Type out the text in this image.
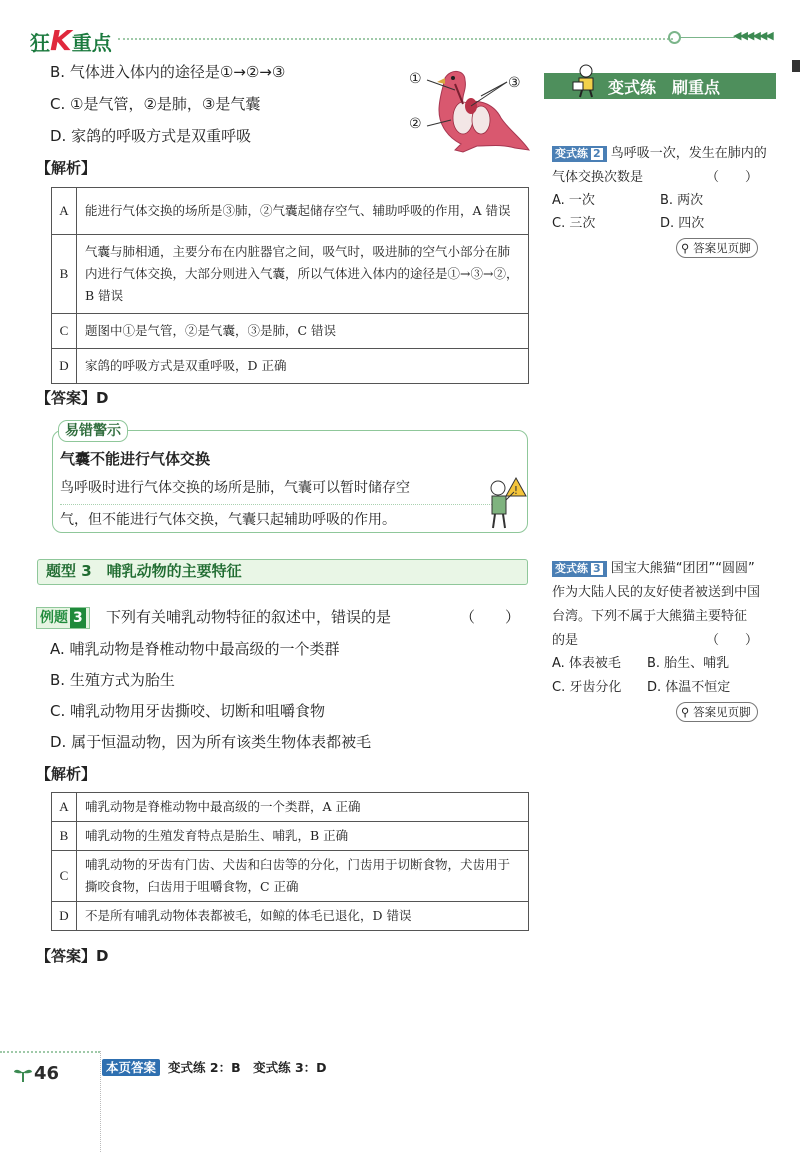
狂K重点	◀◀◀◀◀◀
B. 气体进入体内的途径是①→②→③
C. ①是气管，②是肺，③是气囊
D. 家鸽的呼吸方式是双重呼吸
①
②
③
【解析】
A	能进行气体交换的场所是③肺，②气囊起储存空气、辅助呼吸的作用，A 错误
B	气囊与肺相通，主要分布在内脏器官之间，吸气时，吸进肺的空气小部分在肺内进行气体交换，大部分则进入气囊，所以气体进入体内的途径是①→③→②，B 错误
C	题图中①是气管，②是气囊，③是肺，C 错误
D	家鸽的呼吸方式是双重呼吸，D 正确
【答案】D
易错警示
气囊不能进行气体交换
鸟呼吸时进行气体交换的场所是肺，气囊可以暂时储存空
气，但不能进行气体交换，气囊只起辅助呼吸的作用。
!
题型 3　哺乳动物的主要特征
例题 3	下列有关哺乳动物特征的叙述中，错误的是	（　　）
A. 哺乳动物是脊椎动物中最高级的一个类群
B. 生殖方式为胎生
C. 哺乳动物用牙齿撕咬、切断和咀嚼食物
D. 属于恒温动物，因为所有该类生物体表都被毛
【解析】
A	哺乳动物是脊椎动物中最高级的一个类群，A 正确
B	哺乳动物的生殖发育特点是胎生、哺乳，B 正确
C	哺乳动物的牙齿有门齿、犬齿和臼齿等的分化，门齿用于切断食物，犬齿用于撕咬食物，臼齿用于咀嚼食物，C 正确
D	不是所有哺乳动物体表都被毛，如鲸的体毛已退化，D 错误
【答案】D
变式练　刷重点
变式练 2 鸟呼吸一次，发生在肺内的
气体交换次数是	（　　）
A. 一次	B. 两次
C. 三次	D. 四次
⚲ 答案见页脚
变式练 3 国宝大熊猫“团团”“圆圆”
作为大陆人民的友好使者被送到中国
台湾。下列不属于大熊猫主要特征
的是	（　　）
A. 体表被毛 B. 胎生、哺乳
C. 牙齿分化 D. 体温不恒定
⚲ 答案见页脚
46	本页答案 变式练 2：B　变式练 3：D
